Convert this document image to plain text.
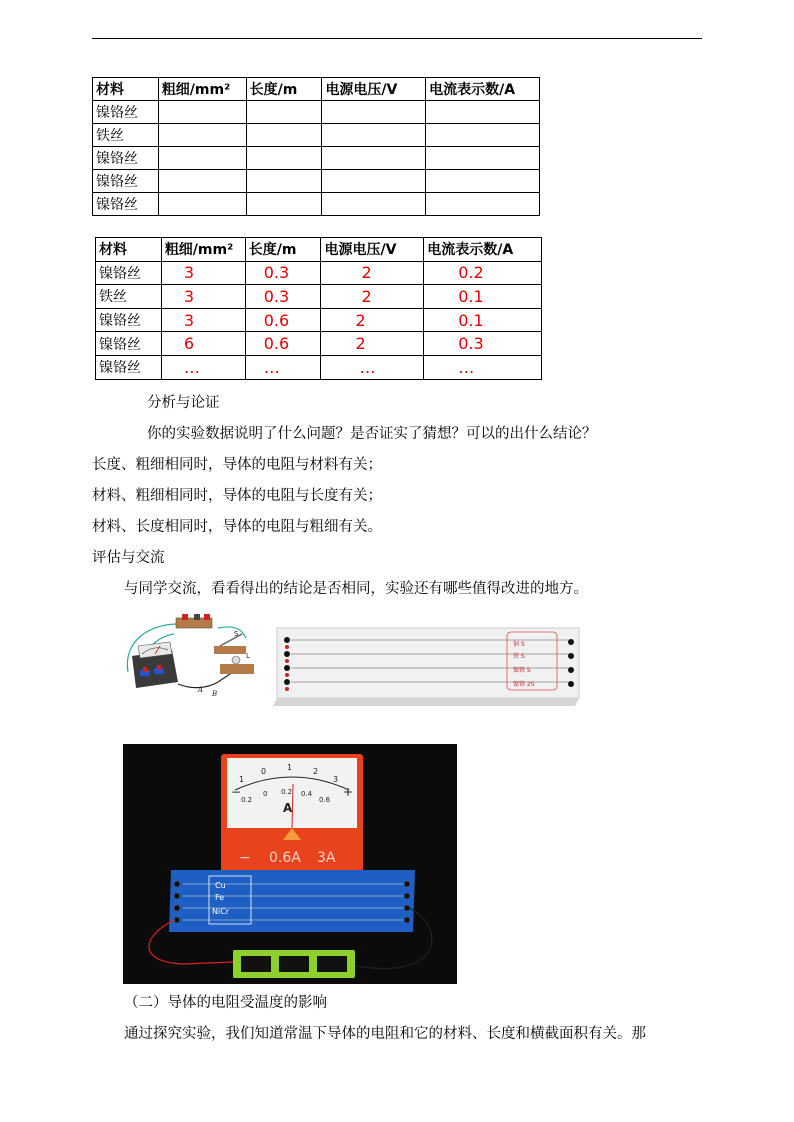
材料	粗细/mm²	长度/m	电源电压/V	电流表示数/A
镍铬丝				
铁丝				
镍铬丝				
镍铬丝				
镍铬丝				
材料	粗细/mm²	长度/m	电源电压/V	电流表示数/A
镍铬丝	3	0.3	2	0.2
铁丝	3	0.3	2	0.1
镍铬丝	3	0.6	2	0.1
镍铬丝	6	0.6	2	0.3
镍铬丝	…	…	…	…
分析与论证
你的实验数据说明了什么问题？是否证实了猜想？可以的出什么结论？
长度、粗细相同时，导体的电阻与材料有关；
材料、粗细相同时，导体的电阻与长度有关；
材料、长度相同时，导体的电阻与粗细有关。
评估与交流
与同学交流，看看得出的结论是否相同，实验还有哪些值得改进的地方。
S
L
A B
铜 S
铁 S
镍铬 S
镍铬 2S
1
0	1	2
3
0.2
0 0.2 0.4
0.6
−	+
A
− 0.6A 3A
Cu
Fe
NiCr
（二）导体的电阻受温度的影响
通过探究实验，我们知道常温下导体的电阻和它的材料、长度和横截面积有关。那
